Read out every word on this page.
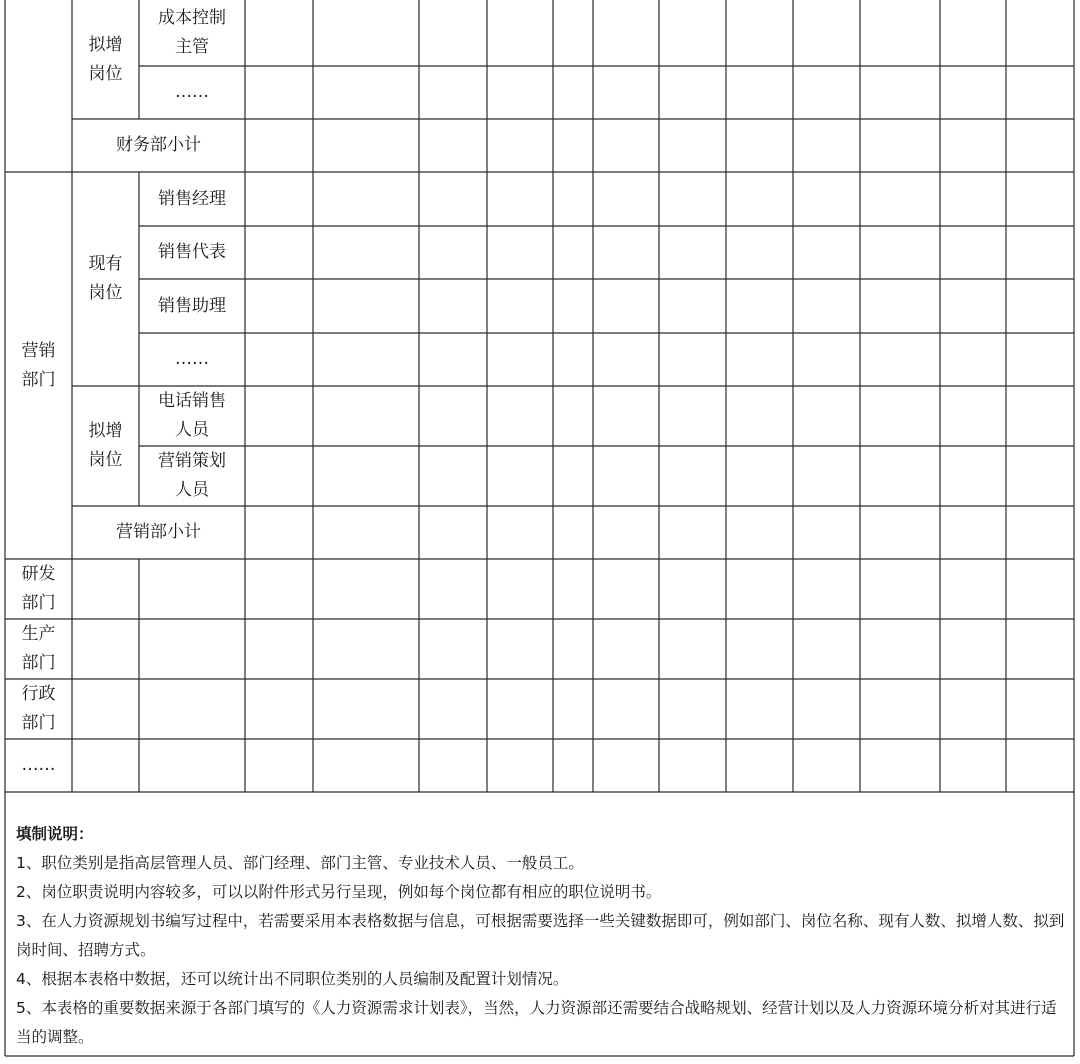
拟增
岗位
成本控制
主管
……
财务部小计
营销
部门
现有
岗位
销售经理
销售代表
销售助理
……
拟增
岗位
电话销售
人员
营销策划
人员
营销部小计
研发
部门
生产
部门
行政
部门
……
填制说明：
1、职位类别是指高层管理人员、部门经理、部门主管、专业技术人员、一般员工。
2、岗位职责说明内容较多，可以以附件形式另行呈现，例如每个岗位都有相应的职位说明书。
3、在人力资源规划书编写过程中，若需要采用本表格数据与信息，可根据需要选择一些关键数据即可，例如部门、岗位名称、现有人数、拟增人数、拟到岗时间、招聘方式。
4、根据本表格中数据，还可以统计出不同职位类别的人员编制及配置计划情况。
5、本表格的重要数据来源于各部门填写的《人力资源需求计划表》，当然，人力资源部还需要结合战略规划、经营计划以及人力资源环境分析对其进行适当的调整。
